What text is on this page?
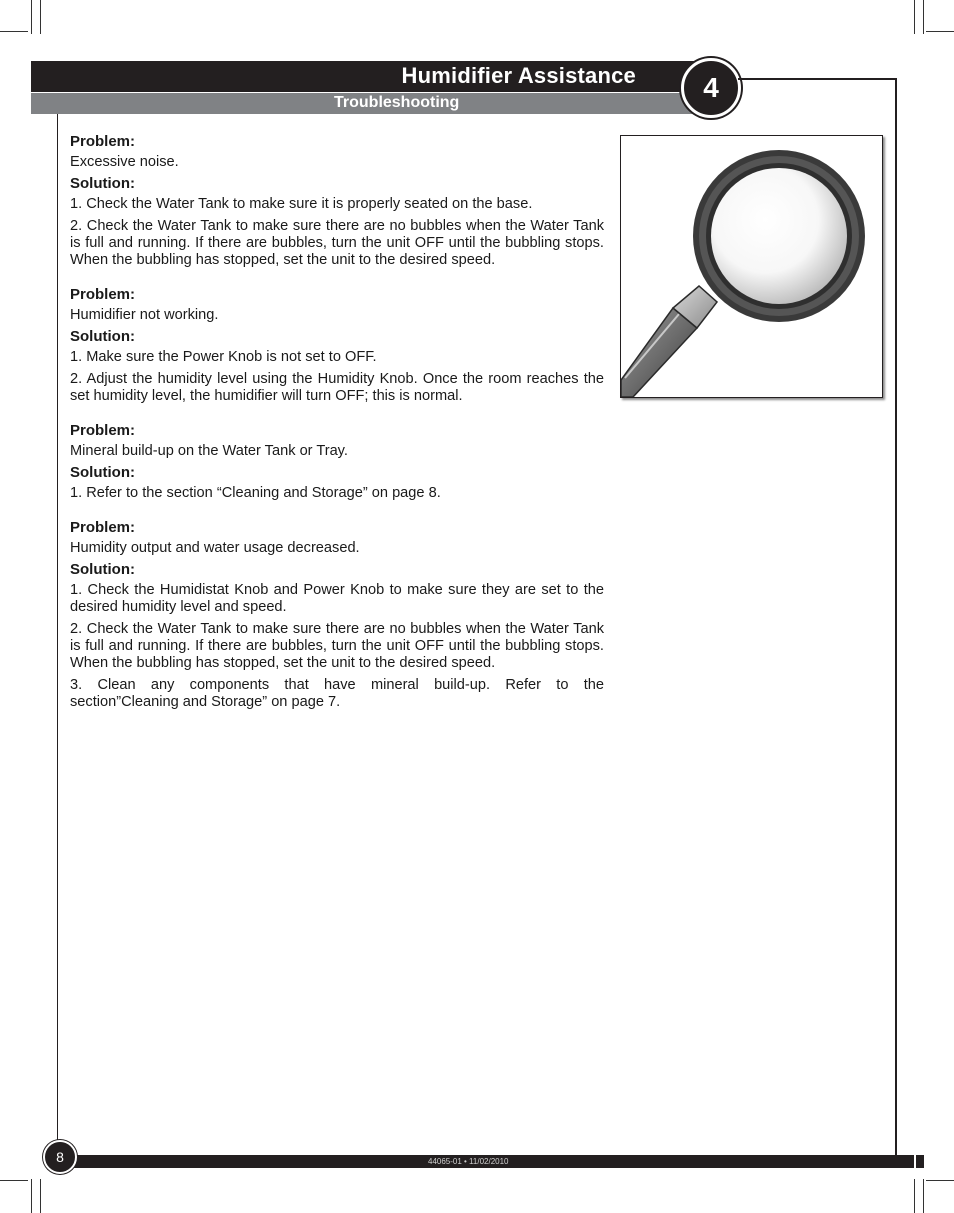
Humidifier Assistance
Troubleshooting	4

Problem:

Excessive noise.

Solution:

1. Check the Water Tank to make sure it is properly seated on the base.

2. Check the Water Tank to make sure there are no bubbles when the Water Tank is full and running. If there are bubbles, turn the unit OFF until the bubbling stops. When the bubbling has stopped, set the unit to the desired speed.

Problem:

Humidifier not working.

Solution:

1. Make sure the Power Knob is not set to OFF.

2. Adjust the humidity level using the Humidity Knob. Once the room reaches the set humidity level, the humidifier will turn OFF; this is normal.

Problem:

Mineral build-up on the Water Tank or Tray.

Solution:

1. Refer to the section “Cleaning and Storage” on page 8.

Problem:

Humidity output and water usage decreased.

Solution:

1. Check the Humidistat Knob and Power Knob to make sure they are set to the desired humidity level and speed.

2. Check the Water Tank to make sure there are no bubbles when the Water Tank is full and running. If there are bubbles, turn the unit OFF until the bubbling stops. When the bubbling has stopped, set the unit to the desired speed.

3. Clean any components that have mineral build-up. Refer to the section”Cleaning and Storage” on page 7.

44065-01 • 11/02/2010
8
